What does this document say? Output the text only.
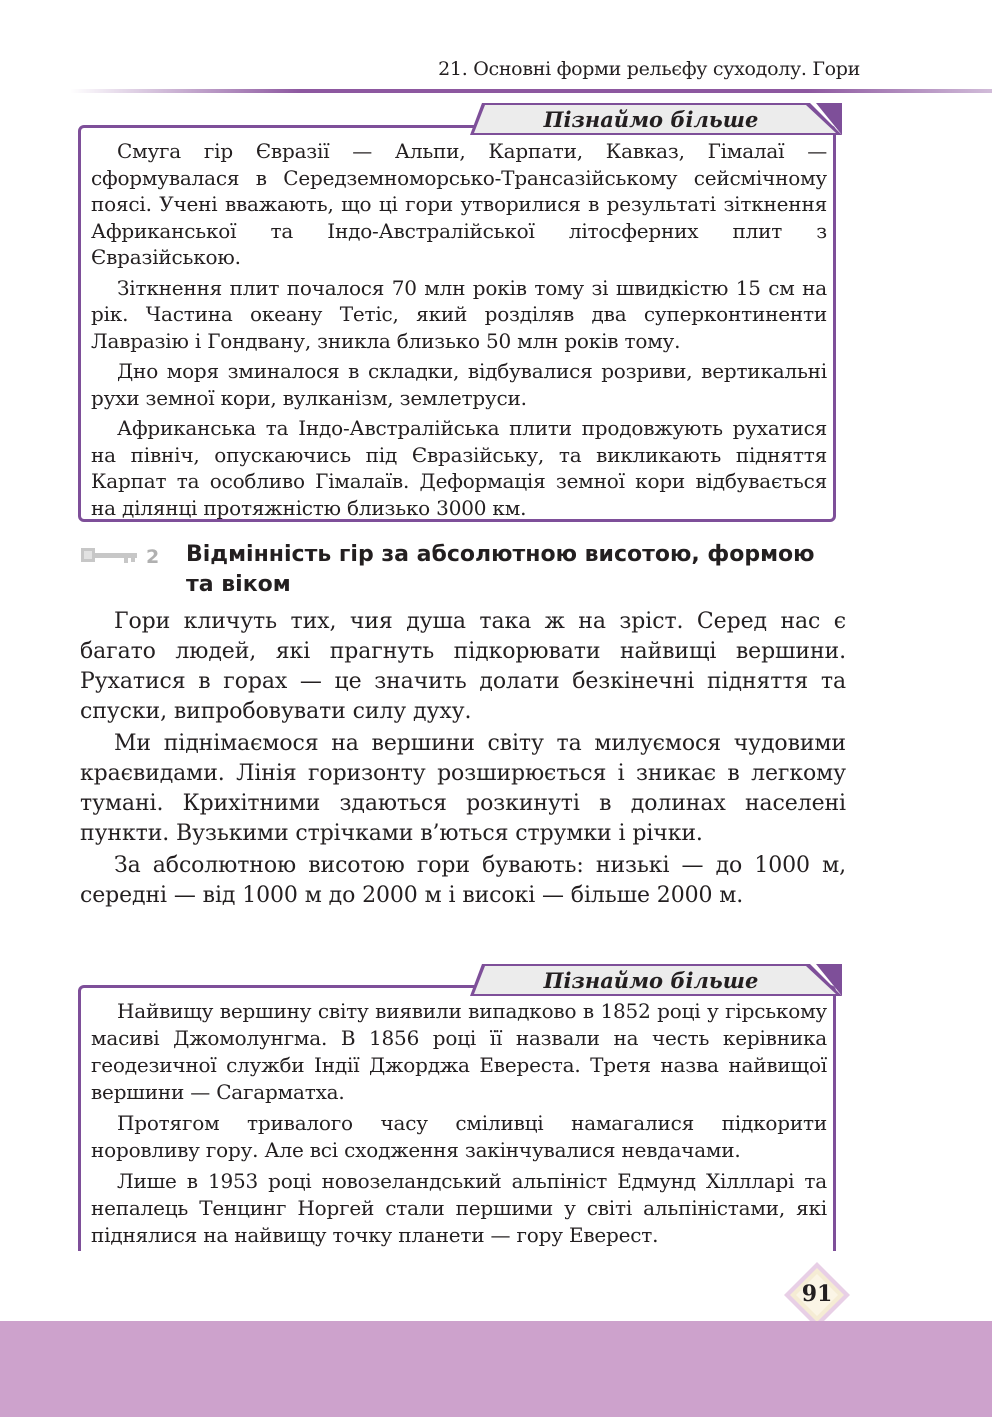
21. Основні форми рельєфу суходолу. Гори

Смуга гір Євразії — Альпи, Карпати, Кавказ, Гімалаї — сформувалася в Середземноморсько-Трансазійському сейсмічному поясі. Учені вважають, що ці гори утворилися в результаті зіткнення Африканської та Індо-Австралійської літосферних плит з Євразійською.

Зіткнення плит почалося 70 млн років тому зі швидкістю 15 см на рік. Частина океану Тетіс, який розділяв два суперконтиненти Лавразію і Гондвану, зникла близько 50 млн років тому.

Дно моря зминалося в складки, відбувалися розриви, вертикальні рухи земної кори, вулканізм, землетруси.

Африканська та Індо-Австралійська плити продовжують рухатися на північ, опускаючись під Євразійську, та викликають підняття Карпат та особливо Гімалаїв. Деформація земної кори відбувається на ділянці протяжністю близько 3000 км.

Пізнаймо більше
2 Відмінність гір за абсолютною висотою, формою та віком

Гори кличуть тих, чия душа така ж на зріст. Серед нас є багато людей, які прагнуть підкорювати найвищі вершини. Рухатися в горах — це значить долати безкінечні підняття та спуски, випробовувати силу духу.

Ми піднімаємося на вершини світу та милуємося чудовими краєвидами. Лінія горизонту розширюється і зникає в легкому тумані. Крихітними здаються розкинуті в долинах населені пункти. Вузькими стрічками в’ються струмки і річки.

За абсолютною висотою гори бувають: низькі — до 1000 м, середні — від 1000 м до 2000 м і високі — більше 2000 м.

Найвищу вершину світу виявили випадково в 1852 році у гірському масиві Джомолунгма. В 1856 році її назвали на честь керівника геодезичної служби Індії Джорджа Евереста. Третя назва найвищої вершини — Сагарматха.

Протягом тривалого часу сміливці намагалися підкорити норовливу гору. Але всі сходження закінчувалися невдачами.

Лише в 1953 році новозеландський альпініст Едмунд Хіллларі та непалець Тенцинг Норгей стали першими у світі альпіністами, які піднялися на найвищу точку планети — гору Еверест.

Пізнаймо більше
91
